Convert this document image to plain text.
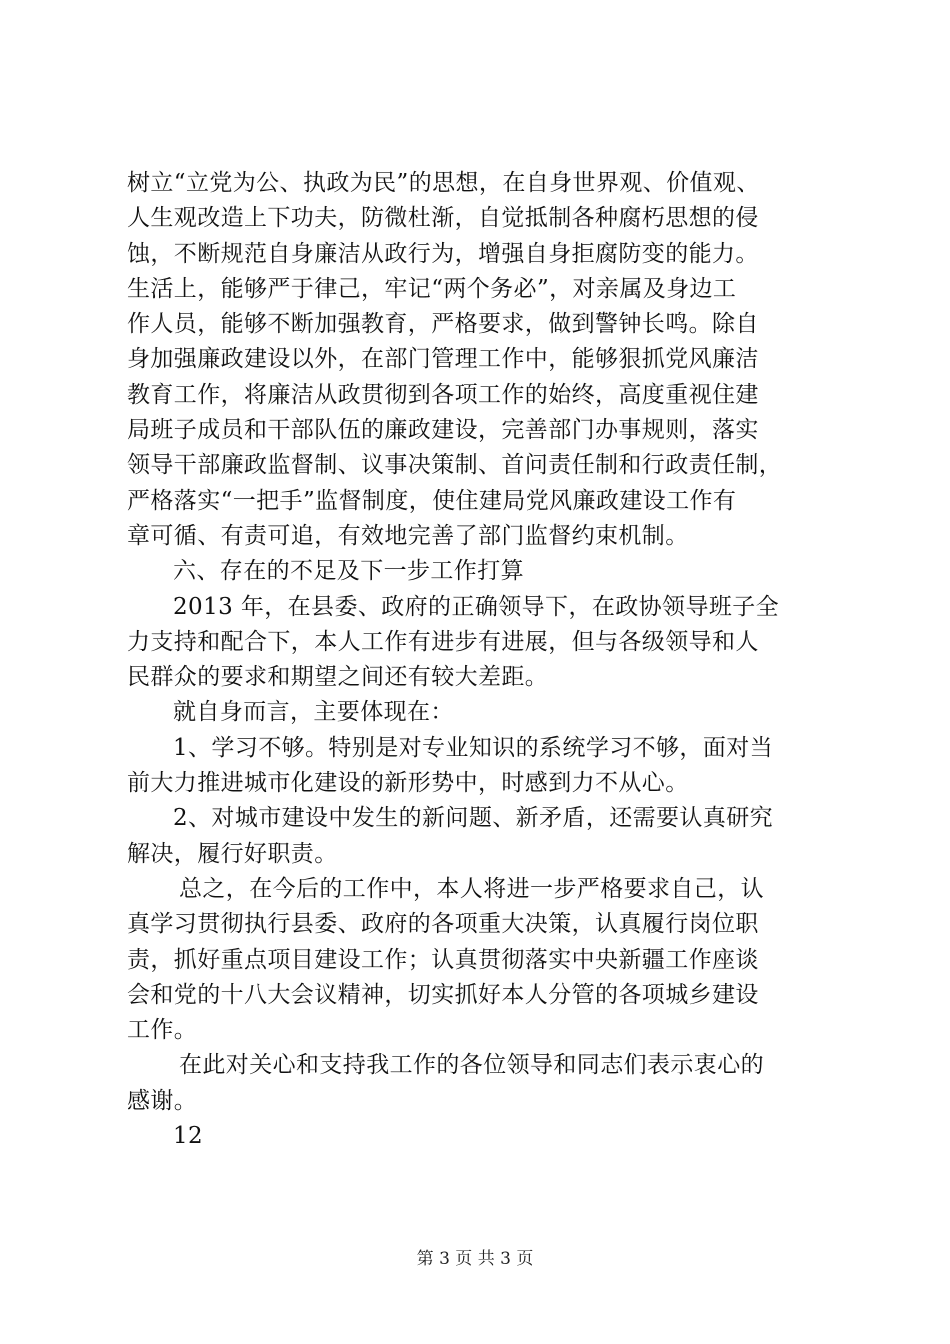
树立“立党为公、执政为民”的思想，在自身世界观、价值观、
人生观改造上下功夫，防微杜渐，自觉抵制各种腐朽思想的侵
蚀，不断规范自身廉洁从政行为，增强自身拒腐防变的能力。
生活上，能够严于律己，牢记“两个务必”，对亲属及身边工
作人员，能够不断加强教育，严格要求，做到警钟长鸣。除自
身加强廉政建设以外，在部门管理工作中，能够狠抓党风廉洁
教育工作，将廉洁从政贯彻到各项工作的始终，高度重视住建
局班子成员和干部队伍的廉政建设，完善部门办事规则，落实
领导干部廉政监督制、议事决策制、首问责任制和行政责任制，
严格落实“一把手”监督制度，使住建局党风廉政建设工作有
章可循、有责可追，有效地完善了部门监督约束机制。
六、存在的不足及下一步工作打算
2013 年，在县委、政府的正确领导下，在政协领导班子全
力支持和配合下，本人工作有进步有进展，但与各级领导和人
民群众的要求和期望之间还有较大差距。
就自身而言，主要体现在：
1、学习不够。特别是对专业知识的系统学习不够，面对当
前大力推进城市化建设的新形势中，时感到力不从心。
2、对城市建设中发生的新问题、新矛盾，还需要认真研究
解决，履行好职责。
总之，在今后的工作中，本人将进一步严格要求自己，认
真学习贯彻执行县委、政府的各项重大决策，认真履行岗位职
责，抓好重点项目建设工作；认真贯彻落实中央新疆工作座谈
会和党的十八大会议精神，切实抓好本人分管的各项城乡建设
工作。
在此对关心和支持我工作的各位领导和同志们表示衷心的
感谢。
12
第 3 页 共 3 页
